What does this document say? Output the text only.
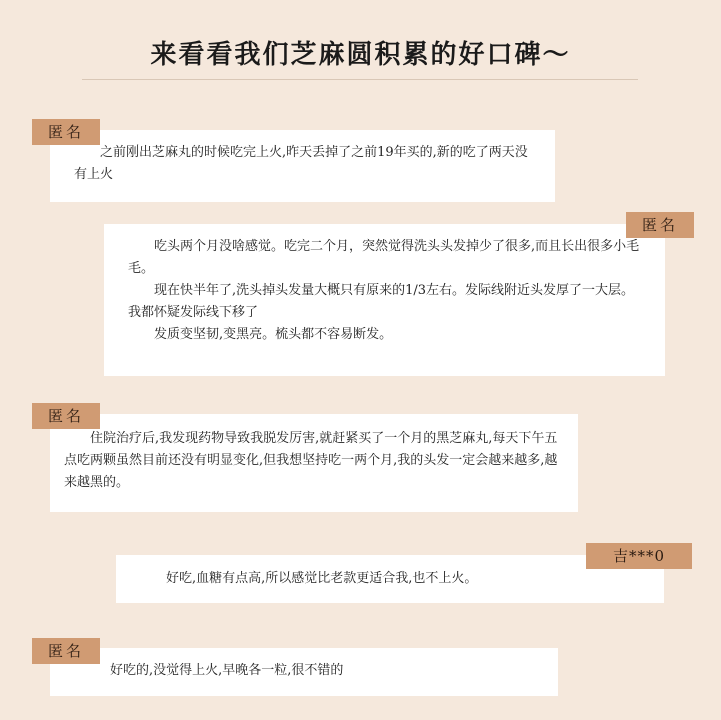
来看看我们芝麻圆积累的好口碑～

之前刚出芝麻丸的时候吃完上火,昨天丢掉了之前19年买的,新的吃了两天没有上火

匿名

吃头两个月没啥感觉。吃完二个月，突然觉得洗头头发掉少了很多,而且长出很多小毛毛。

现在快半年了,洗头掉头发量大概只有原来的1/3左右。发际线附近头发厚了一大层。我都怀疑发际线下移了

发质变坚韧,变黑亮。梳头都不容易断发。

匿名

住院治疗后,我发现药物导致我脱发厉害,就赶紧买了一个月的黑芝麻丸,每天下午五点吃两颗虽然目前还没有明显变化,但我想坚持吃一两个月,我的头发一定会越来越多,越来越黑的。

匿名

好吃,血糖有点高,所以感觉比老款更适合我,也不上火。

吉***0

好吃的,没觉得上火,早晚各一粒,很不错的

匿名
